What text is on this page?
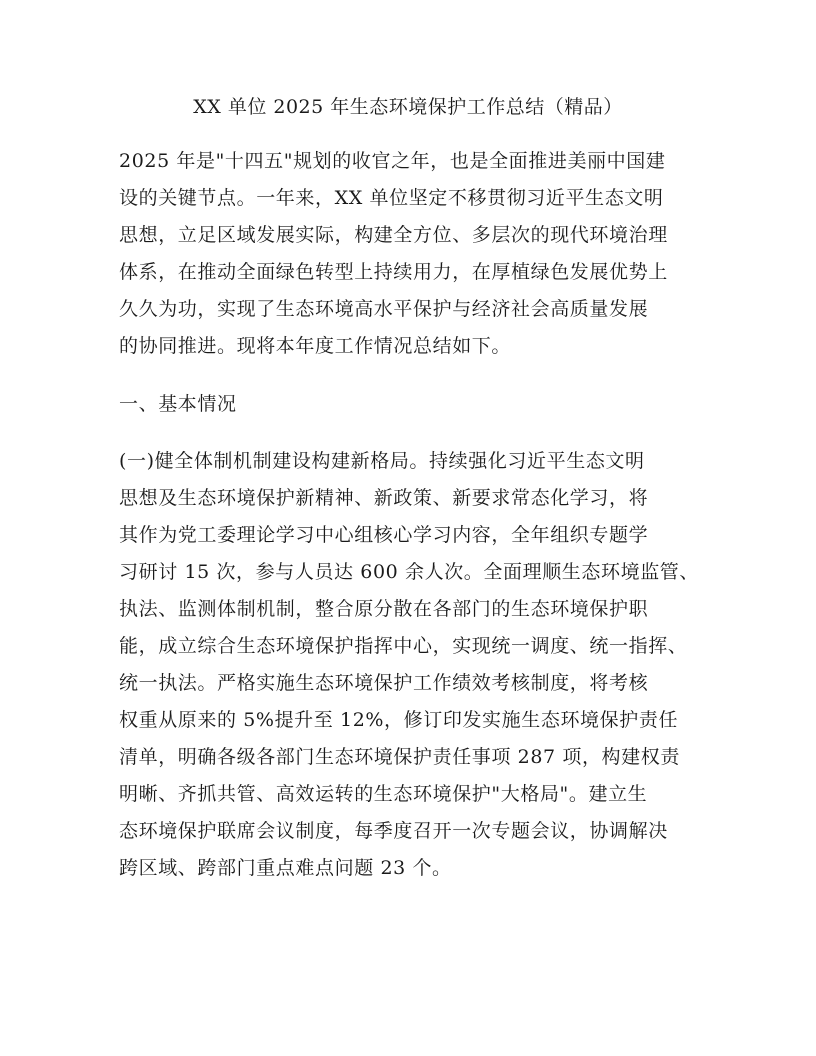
XX 单位 2025 年生态环境保护工作总结（精品）
2025 年是"十四五"规划的收官之年，也是全面推进美丽中国建
设的关键节点。一年来，XX 单位坚定不移贯彻习近平生态文明
思想，立足区域发展实际，构建全方位、多层次的现代环境治理
体系，在推动全面绿色转型上持续用力，在厚植绿色发展优势上
久久为功，实现了生态环境高水平保护与经济社会高质量发展
的协同推进。现将本年度工作情况总结如下。
一、基本情况
(一)健全体制机制建设构建新格局。持续强化习近平生态文明
思想及生态环境保护新精神、新政策、新要求常态化学习，将
其作为党工委理论学习中心组核心学习内容，全年组织专题学
习研讨 15 次，参与人员达 600 余人次。全面理顺生态环境监管、
执法、监测体制机制，整合原分散在各部门的生态环境保护职
能，成立综合生态环境保护指挥中心，实现统一调度、统一指挥、
统一执法。严格实施生态环境保护工作绩效考核制度，将考核
权重从原来的 5%提升至 12%，修订印发实施生态环境保护责任
清单，明确各级各部门生态环境保护责任事项 287 项，构建权责
明晰、齐抓共管、高效运转的生态环境保护"大格局"。建立生
态环境保护联席会议制度，每季度召开一次专题会议，协调解决
跨区域、跨部门重点难点问题 23 个。
